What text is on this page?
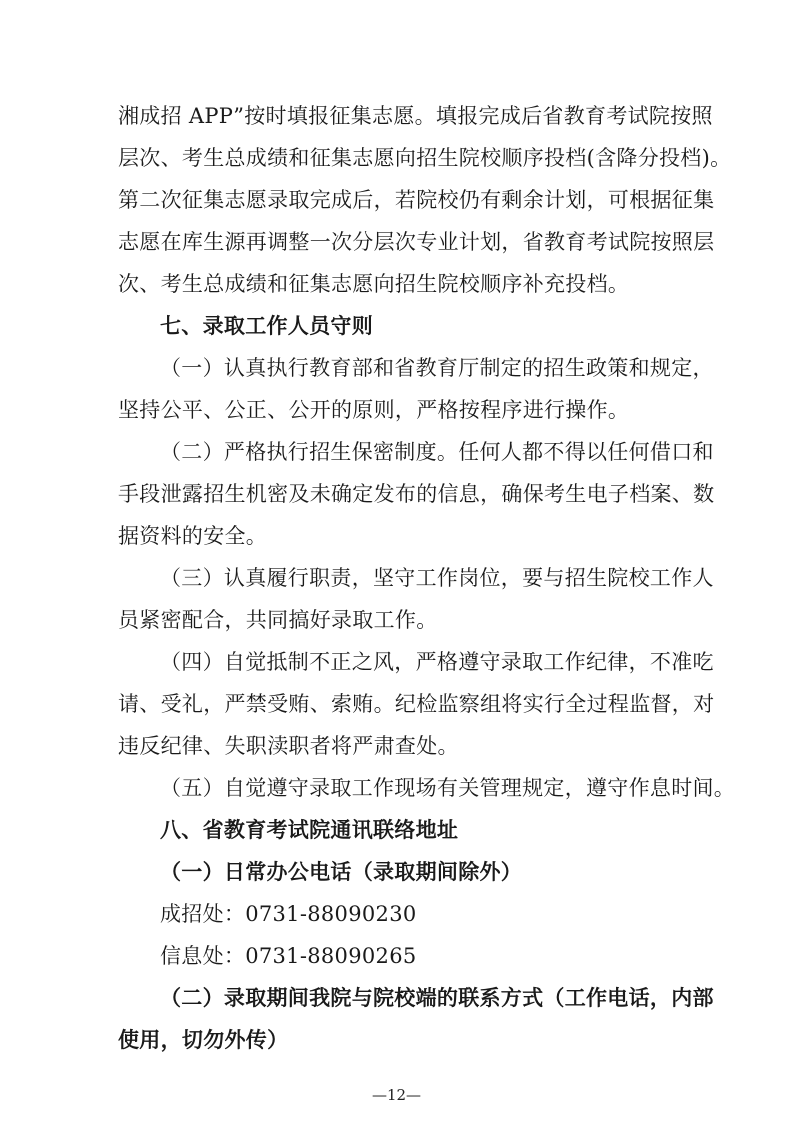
湘成招 APP”按时填报征集志愿。填报完成后省教育考试院按照
层次、考生总成绩和征集志愿向招生院校顺序投档(含降分投档)。
第二次征集志愿录取完成后，若院校仍有剩余计划，可根据征集
志愿在库生源再调整一次分层次专业计划，省教育考试院按照层
次、考生总成绩和征集志愿向招生院校顺序补充投档。
七、录取工作人员守则
（一）认真执行教育部和省教育厅制定的招生政策和规定，
坚持公平、公正、公开的原则，严格按程序进行操作。
（二）严格执行招生保密制度。任何人都不得以任何借口和
手段泄露招生机密及未确定发布的信息，确保考生电子档案、数
据资料的安全。
（三）认真履行职责，坚守工作岗位，要与招生院校工作人
员紧密配合，共同搞好录取工作。
（四）自觉抵制不正之风，严格遵守录取工作纪律，不准吃
请、受礼，严禁受贿、索贿。纪检监察组将实行全过程监督，对
违反纪律、失职渎职者将严肃查处。
（五）自觉遵守录取工作现场有关管理规定，遵守作息时间。
八、省教育考试院通讯联络地址
（一）日常办公电话（录取期间除外）
成招处：0731-88090230
信息处：0731-88090265
（二）录取期间我院与院校端的联系方式（工作电话，内部
—12—
使用，切勿外传）
